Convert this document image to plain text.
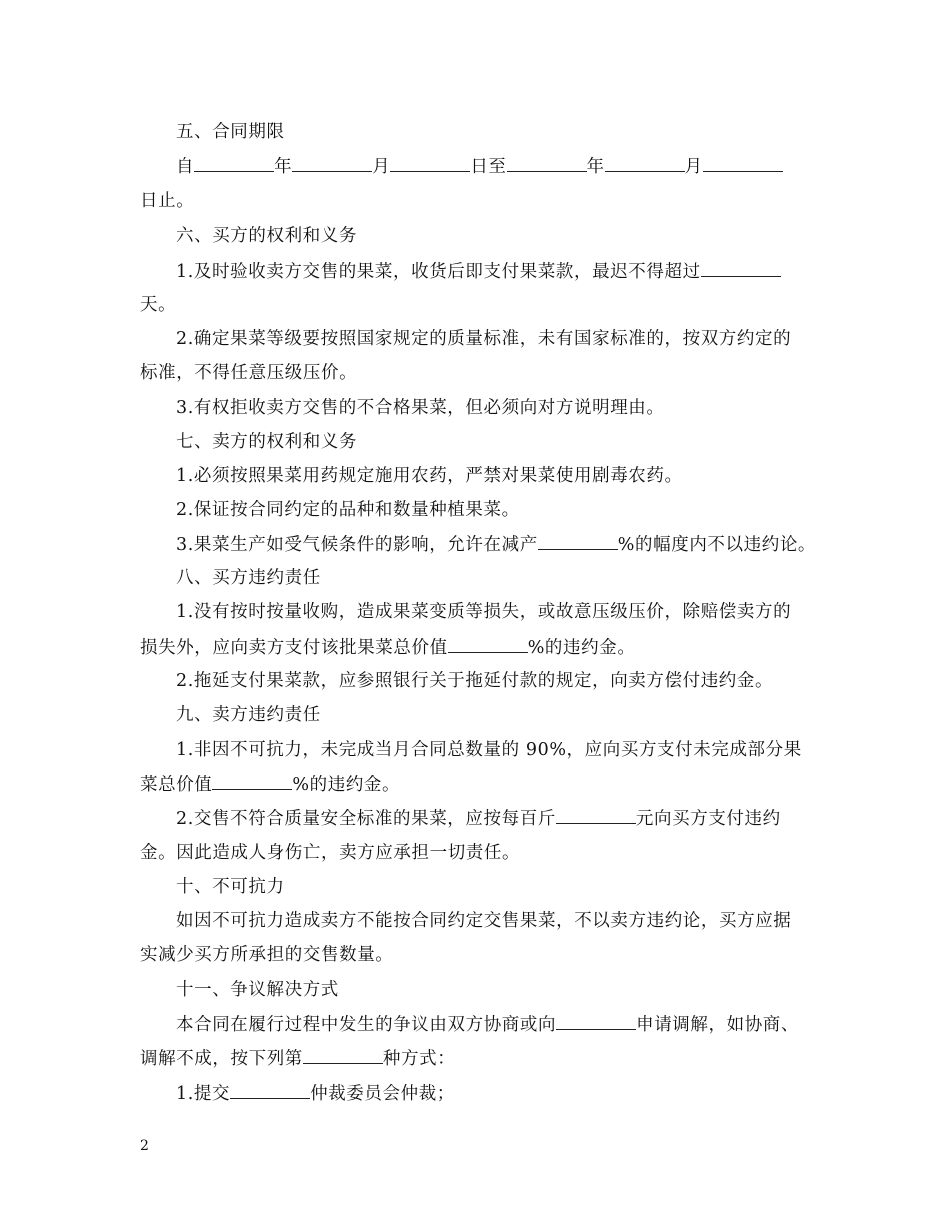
五、合同期限
自	年	月	日至	年	月
日止。
六、买方的权利和义务
1.及时验收卖方交售的果菜，收货后即支付果菜款，最迟不得超过
天。
2.确定果菜等级要按照国家规定的质量标准，未有国家标准的，按双方约定的
标准，不得任意压级压价。
3.有权拒收卖方交售的不合格果菜，但必须向对方说明理由。
七、卖方的权利和义务
1.必须按照果菜用药规定施用农药，严禁对果菜使用剧毒农药。
2.保证按合同约定的品种和数量种植果菜。
3.果菜生产如受气候条件的影响，允许在减产	%的幅度内不以违约论。
八、买方违约责任
1.没有按时按量收购，造成果菜变质等损失，或故意压级压价，除赔偿卖方的
损失外，应向卖方支付该批果菜总价值	%的违约金。
2.拖延支付果菜款，应参照银行关于拖延付款的规定，向卖方偿付违约金。
九、卖方违约责任
1.非因不可抗力，未完成当月合同总数量的 90%，应向买方支付未完成部分果
菜总价值	%的违约金。
2.交售不符合质量安全标准的果菜，应按每百斤	元向买方支付违约
金。因此造成人身伤亡，卖方应承担一切责任。
十、不可抗力
如因不可抗力造成卖方不能按合同约定交售果菜，不以卖方违约论，买方应据
实减少买方所承担的交售数量。
十一、争议解决方式
本合同在履行过程中发生的争议由双方协商或向	申请调解，如协商、
调解不成，按下列第	种方式：
1.提交	仲裁委员会仲裁；
2
